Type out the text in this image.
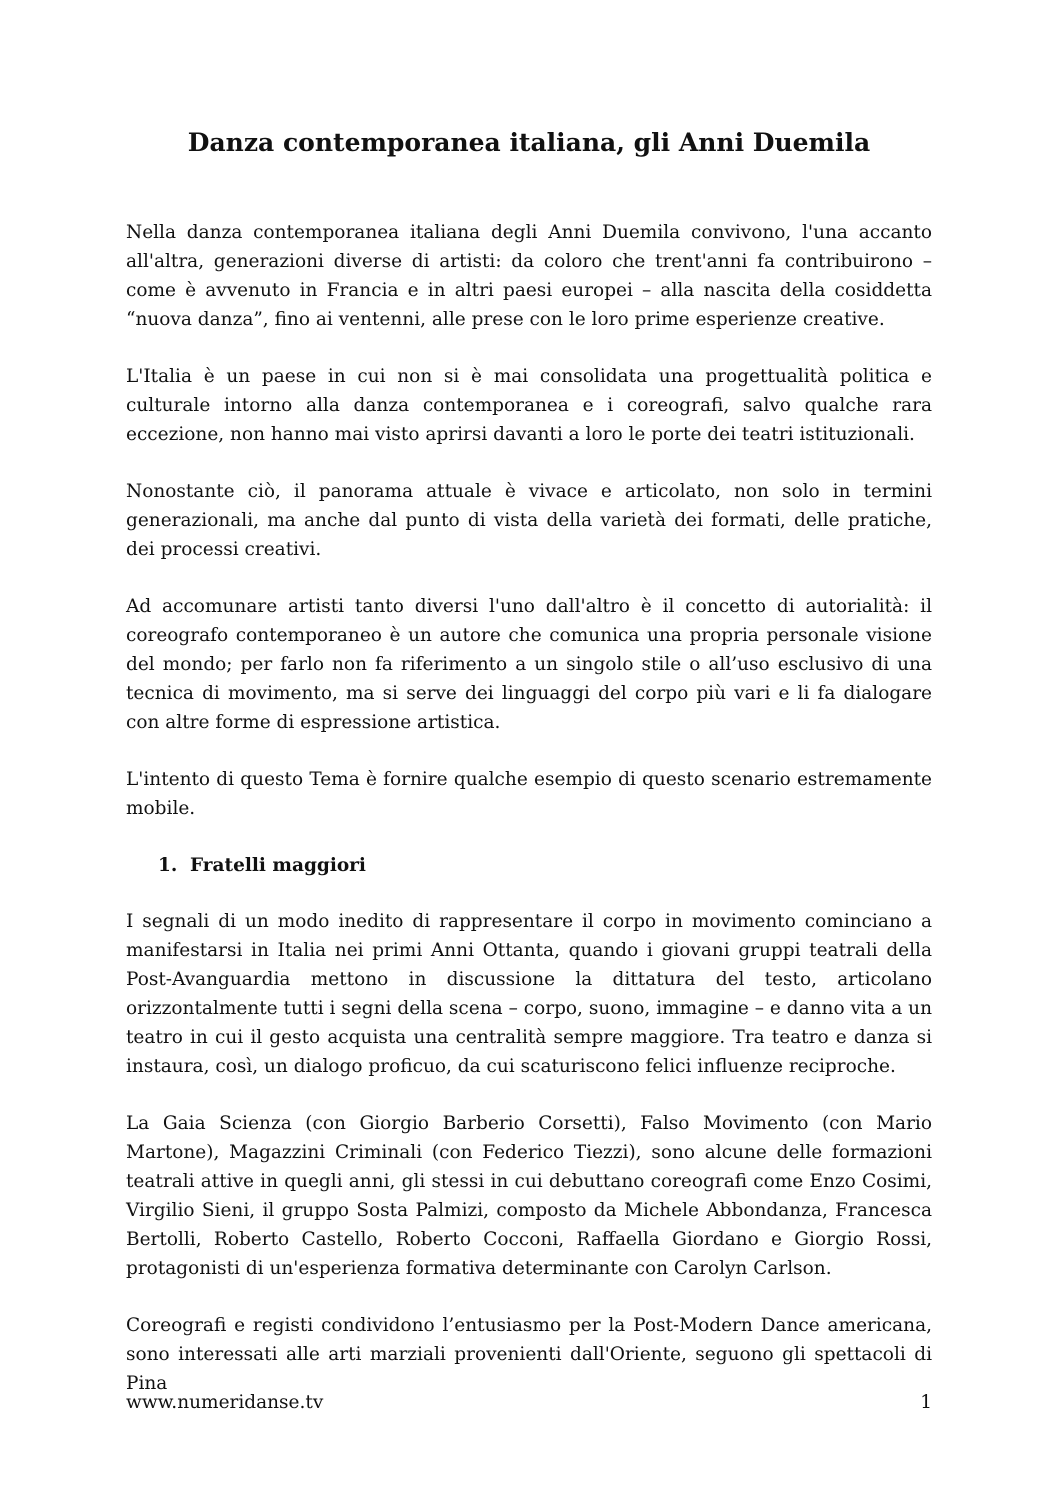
Danza contemporanea italiana, gli Anni Duemila

Nella danza contemporanea italiana degli Anni Duemila convivono, l'una accanto all'altra, generazioni diverse di artisti: da coloro che trent'anni fa contribuirono – come è avvenuto in Francia e in altri paesi europei – alla nascita della cosiddetta “nuova danza”, fino ai ventenni, alle prese con le loro prime esperienze creative.

L'Italia è un paese in cui non si è mai consolidata una progettualità politica e culturale intorno alla danza contemporanea e i coreografi, salvo qualche rara eccezione, non hanno mai visto aprirsi davanti a loro le porte dei teatri istituzionali.

Nonostante ciò, il panorama attuale è vivace e articolato, non solo in termini generazionali, ma anche dal punto di vista della varietà dei formati, delle pratiche, dei processi creativi.

Ad accomunare artisti tanto diversi l'uno dall'altro è il concetto di autorialità: il coreografo contemporaneo è un autore che comunica una propria personale visione del mondo; per farlo non fa riferimento a un singolo stile o all’uso esclusivo di una tecnica di movimento, ma si serve dei linguaggi del corpo più vari e li fa dialogare con altre forme di espressione artistica.

L'intento di questo Tema è fornire qualche esempio di questo scenario estremamente mobile.

1. Fratelli maggiori

I segnali di un modo inedito di rappresentare il corpo in movimento cominciano a manifestarsi in Italia nei primi Anni Ottanta, quando i giovani gruppi teatrali della Post-Avanguardia mettono in discussione la dittatura del testo, articolano orizzontalmente tutti i segni della scena – corpo, suono, immagine – e danno vita a un teatro in cui il gesto acquista una centralità sempre maggiore. Tra teatro e danza si instaura, così, un dialogo proficuo, da cui scaturiscono felici influenze reciproche.

La Gaia Scienza (con Giorgio Barberio Corsetti), Falso Movimento (con Mario Martone), Magazzini Criminali (con Federico Tiezzi), sono alcune delle formazioni teatrali attive in quegli anni, gli stessi in cui debuttano coreografi come Enzo Cosimi, Virgilio Sieni, il gruppo Sosta Palmizi, composto da Michele Abbondanza, Francesca Bertolli, Roberto Castello, Roberto Cocconi, Raffaella Giordano e Giorgio Rossi, protagonisti di un'esperienza formativa determinante con Carolyn Carlson.

Coreografi e registi condividono l’entusiasmo per la Post-Modern Dance americana, sono interessati alle arti marziali provenienti dall'Oriente, seguono gli spettacoli di Pina

www.numeridanse.tv	1
